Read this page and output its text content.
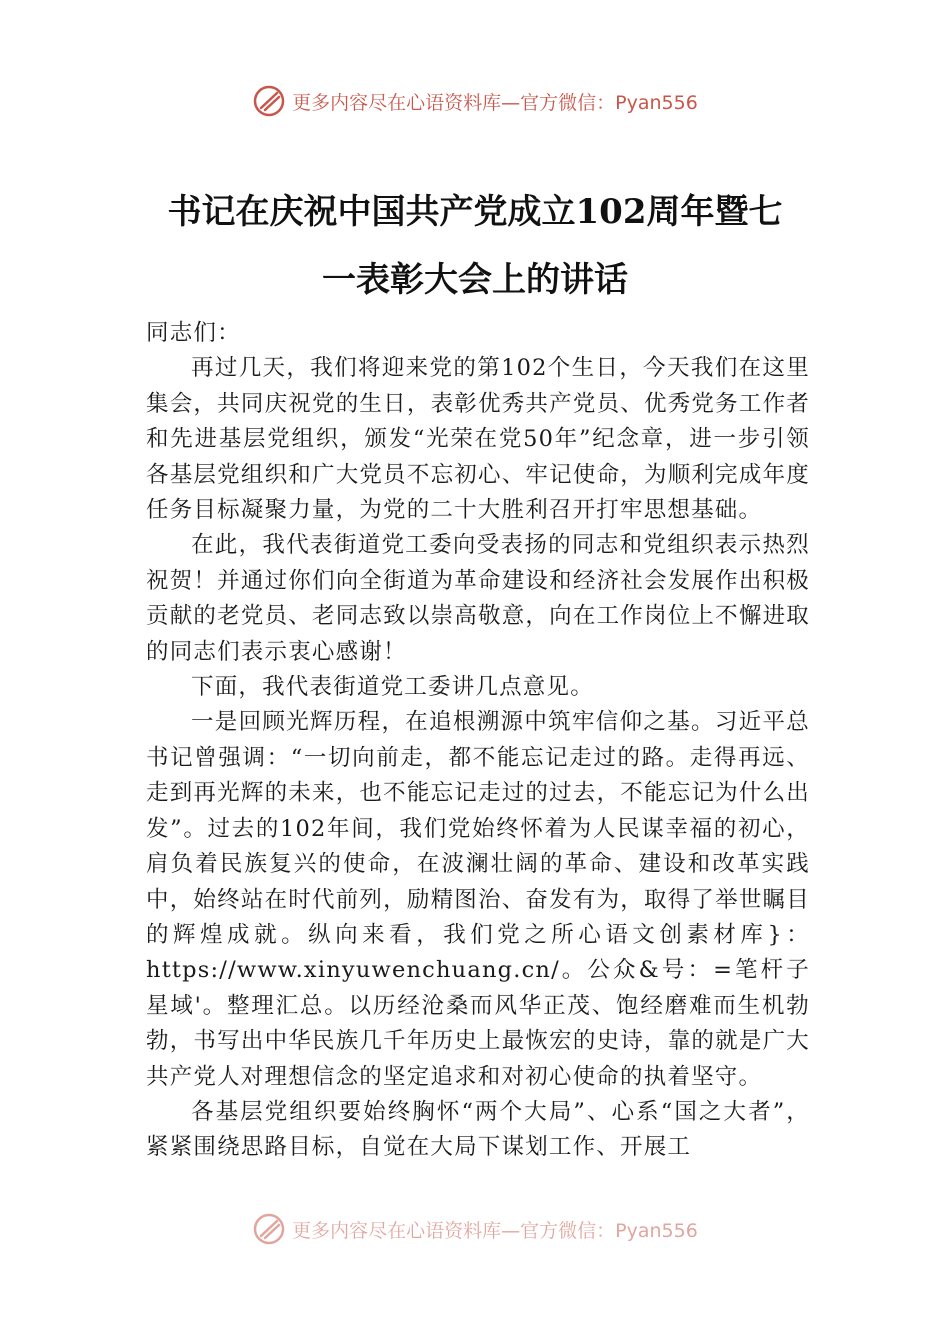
更多内容尽在心语资料库—官方微信：Pyan556
书记在庆祝中国共产党成立102周年暨七
一表彰大会上的讲话

同志们：

再过几天，我们将迎来党的第102个生日，今天我们在这里集会，共同庆祝党的生日，表彰优秀共产党员、优秀党务工作者和先进基层党组织，颁发“光荣在党50年”纪念章，进一步引领各基层党组织和广大党员不忘初心、牢记使命，为顺利完成年度任务目标凝聚力量，为党的二十大胜利召开打牢思想基础。

在此，我代表街道党工委向受表扬的同志和党组织表示热烈祝贺！并通过你们向全街道为革命建设和经济社会发展作出积极贡献的老党员、老同志致以崇高敬意，向在工作岗位上不懈进取的同志们表示衷心感谢！

下面，我代表街道党工委讲几点意见。

一是回顾光辉历程，在追根溯源中筑牢信仰之基。习近平总书记曾强调：“一切向前走，都不能忘记走过的路。走得再远、走到再光辉的未来，也不能忘记走过的过去，不能忘记为什么出发”。过去的102年间，我们党始终怀着为人民谋幸福的初心，肩负着民族复兴的使命，在波澜壮阔的革命、建设和改革实践中，始终站在时代前列，励精图治、奋发有为，取得了举世瞩目的辉煌成就。纵向来看，我们党之所心语文创素材库}：https://www.xinyuwenchuang.cn/。公众&号：=笔杆子星域'。整理汇总。以历经沧桑而风华正茂、饱经磨难而生机勃勃，书写出中华民族几千年历史上最恢宏的史诗，靠的就是广大共产党人对理想信念的坚定追求和对初心使命的执着坚守。

各基层党组织要始终胸怀“两个大局”、心系“国之大者”，紧紧围绕思路目标，自觉在大局下谋划工作、开展工

更多内容尽在心语资料库—官方微信：Pyan556
